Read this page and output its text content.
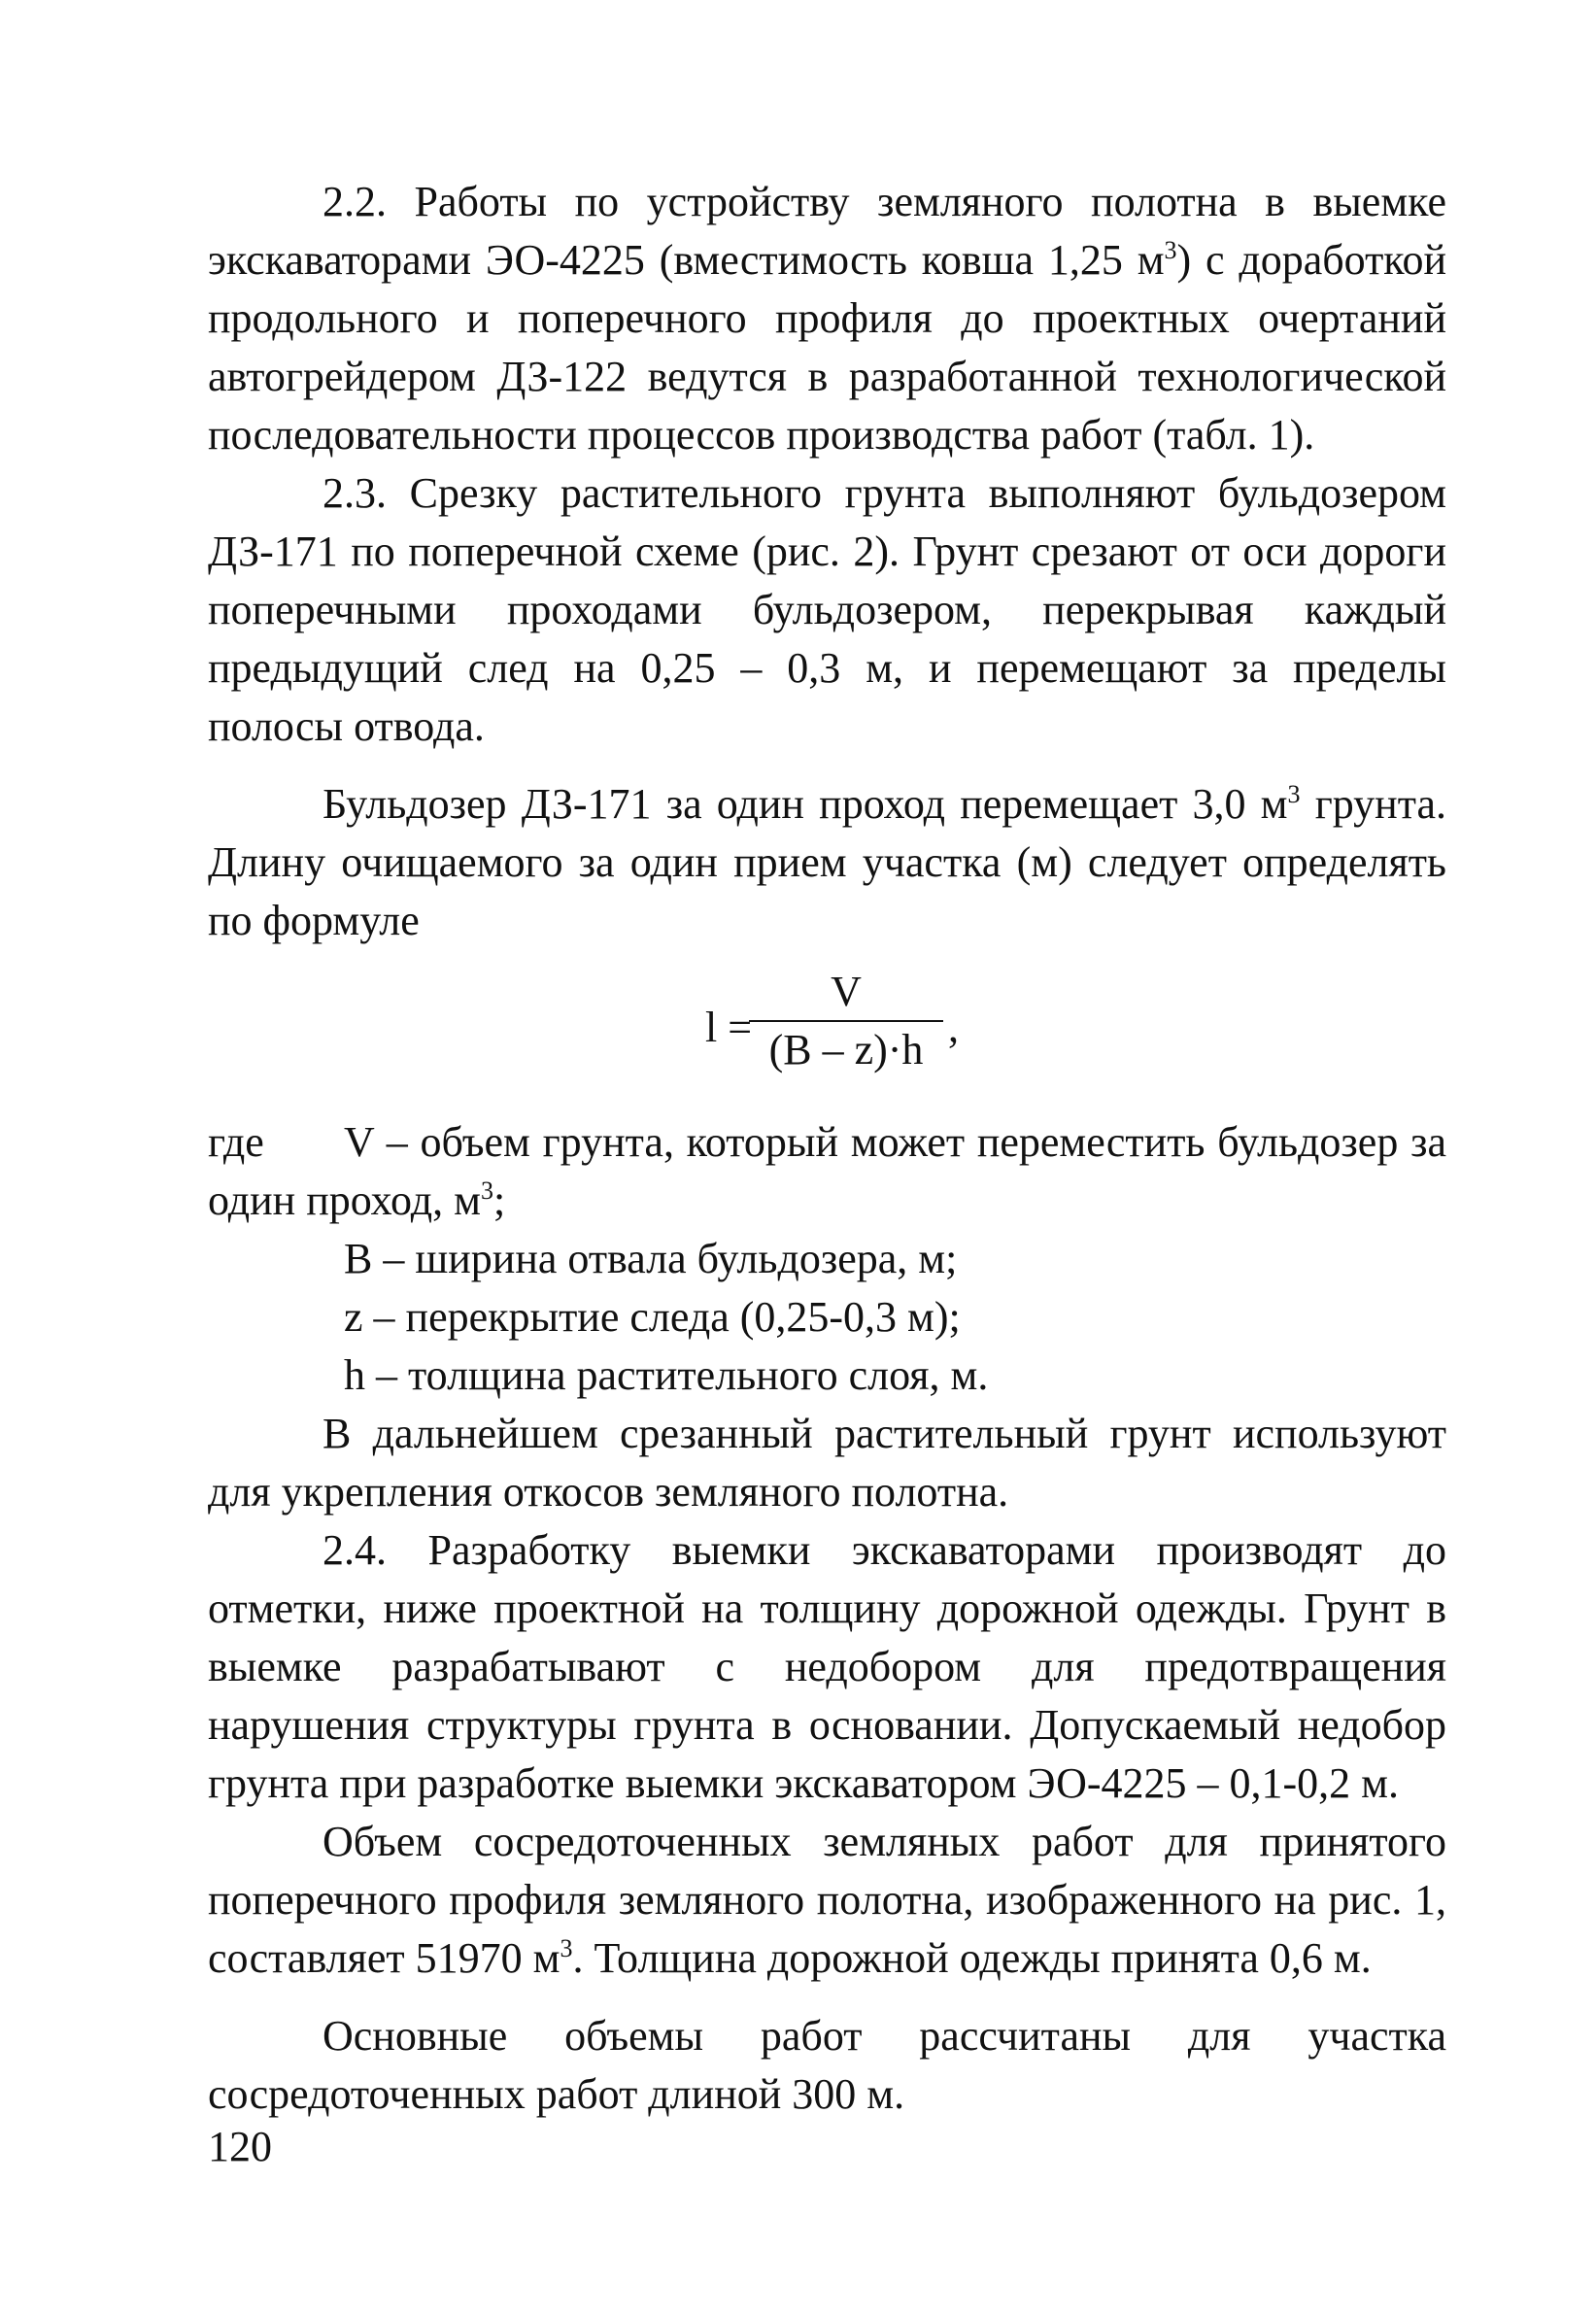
2.2. Работы по устройству земляного полотна в выемке экскаваторами ЭО-4225 (вместимость ковша 1,25 $м^3$) с доработкой продольного и поперечного профиля до проектных очертаний автогрейдером ДЗ-122 ведутся в разработанной технологической последовательности процессов производства работ (табл. 1).

2.3. Срезку растительного грунта выполняют бульдозером ДЗ-171 по поперечной схеме (рис. 2). Грунт срезают от оси дороги поперечными проходами бульдозером, перекрывая каждый предыдущий след на 0,25 – 0,3 м, и перемещают за пределы полосы отвода.

Бульдозер ДЗ-171 за один проход перемещает 3,0 $м^3$ грунта. Длину очищаемого за один прием участка (м) следует определять по формуле

l =
V
(B – z)·h ,

где V – объем грунта, который может переместить бульдозер за один проход, $м^3$;

B – ширина отвала бульдозера, м;

z – перекрытие следа (0,25-0,3 м);

h – толщина растительного слоя, м.

В дальнейшем срезанный растительный грунт используют для укрепления откосов земляного полотна.

2.4. Разработку выемки экскаваторами производят до отметки, ниже проектной на толщину дорожной одежды. Грунт в выемке разрабатывают с недобором для предотвращения нарушения структуры грунта в основании. Допускаемый недобор грунта при разработке выемки экскаватором ЭО-4225 – 0,1-0,2 м.

Объем сосредоточенных земляных работ для принятого поперечного профиля земляного полотна, изображенного на рис. 1, составляет 51970 $м^3$. Толщина дорожной одежды принята 0,6 м.

Основные объемы работ рассчитаны для участка сосредоточенных работ длиной 300 м.

120
